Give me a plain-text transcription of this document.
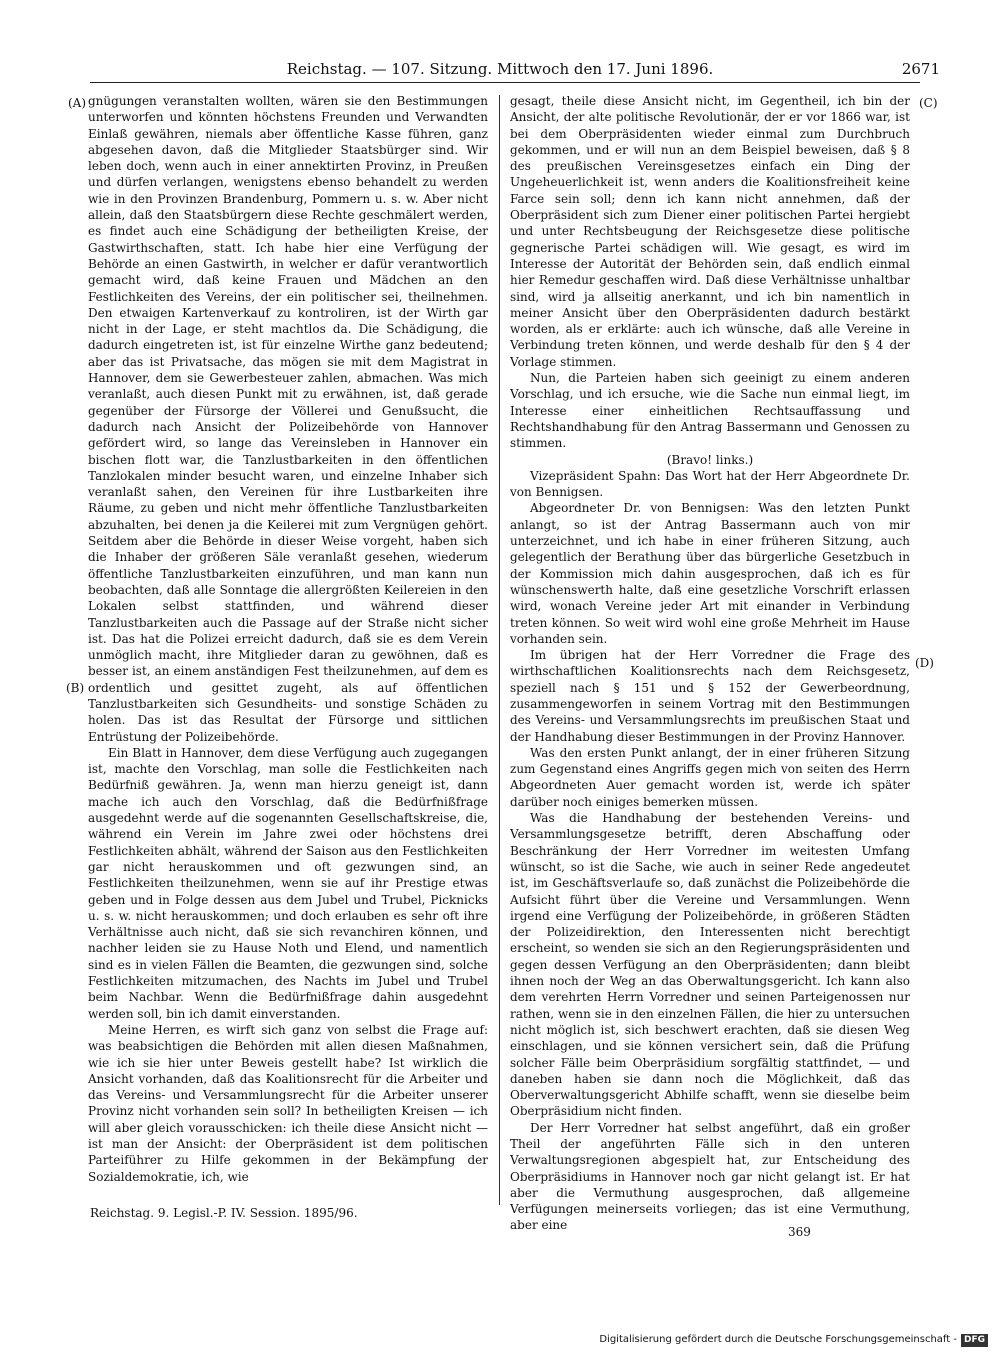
Reichstag. — 107. Sitzung. Mittwoch den 17. Juni 1896.	2671
(A)
(B)
(C)
(D)

gnügungen veranstalten wollten, wären sie den Bestimmungen unterworfen und könnten höchstens Freunden und Verwandten Einlaß gewähren, niemals aber öffentliche Kasse führen, ganz abgesehen davon, daß die Mitglieder Staatsbürger sind. Wir leben doch, wenn auch in einer annektirten Provinz, in Preußen und dürfen verlangen, wenigstens ebenso behandelt zu werden wie in den Provinzen Brandenburg, Pommern u. s. w. Aber nicht allein, daß den Staatsbürgern diese Rechte geschmälert werden, es findet auch eine Schädigung der betheiligten Kreise, der Gastwirthschaften, statt. Ich habe hier eine Verfügung der Behörde an einen Gastwirth, in welcher er dafür verantwortlich gemacht wird, daß keine Frauen und Mädchen an den Festlichkeiten des Vereins, der ein politischer sei, theilnehmen. Den etwaigen Kartenverkauf zu kontroliren, ist der Wirth gar nicht in der Lage, er steht machtlos da. Die Schädigung, die dadurch eingetreten ist, ist für einzelne Wirthe ganz bedeutend; aber das ist Privatsache, das mögen sie mit dem Magistrat in Hannover, dem sie Gewerbesteuer zahlen, abmachen. Was mich veranlaßt, auch diesen Punkt mit zu erwähnen, ist, daß gerade gegenüber der Fürsorge der Völlerei und Genußsucht, die dadurch nach Ansicht der Polizeibehörde von Hannover gefördert wird, so lange das Vereinsleben in Hannover ein bischen flott war, die Tanzlustbarkeiten in den öffentlichen Tanzlokalen minder besucht waren, und einzelne Inhaber sich veranlaßt sahen, den Vereinen für ihre Lustbarkeiten ihre Räume, zu geben und nicht mehr öffentliche Tanzlustbarkeiten abzuhalten, bei denen ja die Keilerei mit zum Vergnügen gehört. Seitdem aber die Behörde in dieser Weise vorgeht, haben sich die Inhaber der größeren Säle veranlaßt gesehen, wiederum öffentliche Tanzlustbarkeiten einzuführen, und man kann nun beobachten, daß alle Sonntage die allergrößten Keilereien in den Lokalen selbst stattfinden, und während dieser Tanzlustbarkeiten auch die Passage auf der Straße nicht sicher ist. Das hat die Polizei erreicht dadurch, daß sie es dem Verein unmöglich macht, ihre Mitglieder daran zu gewöhnen, daß es besser ist, an einem anständigen Fest theilzunehmen, auf dem es ordentlich und gesittet zugeht, als auf öffentlichen Tanzlustbarkeiten sich Gesundheits- und sonstige Schäden zu holen. Das ist das Resultat der Fürsorge und sittlichen Entrüstung der Polizeibehörde.

Ein Blatt in Hannover, dem diese Verfügung auch zugegangen ist, machte den Vorschlag, man solle die Festlichkeiten nach Bedürfniß gewähren. Ja, wenn man hierzu geneigt ist, dann mache ich auch den Vorschlag, daß die Bedürfnißfrage ausgedehnt werde auf die sogenannten Gesellschaftskreise, die, während ein Verein im Jahre zwei oder höchstens drei Festlichkeiten abhält, während der Saison aus den Festlichkeiten gar nicht herauskommen und oft gezwungen sind, an Festlichkeiten theilzunehmen, wenn sie auf ihr Prestige etwas geben und in Folge dessen aus dem Jubel und Trubel, Picknicks u. s. w. nicht herauskommen; und doch erlauben es sehr oft ihre Verhältnisse auch nicht, daß sie sich revanchiren können, und nachher leiden sie zu Hause Noth und Elend, und namentlich sind es in vielen Fällen die Beamten, die gezwungen sind, solche Festlichkeiten mitzumachen, des Nachts im Jubel und Trubel beim Nachbar. Wenn die Bedürfnißfrage dahin ausgedehnt werden soll, bin ich damit einverstanden.

Meine Herren, es wirft sich ganz von selbst die Frage auf: was beabsichtigen die Behörden mit allen diesen Maßnahmen, wie ich sie hier unter Beweis gestellt habe? Ist wirklich die Ansicht vorhanden, daß das Koalitionsrecht für die Arbeiter und das Vereins- und Versammlungsrecht für die Arbeiter unserer Provinz nicht vorhanden sein soll? In betheiligten Kreisen — ich will aber gleich vorausschicken: ich theile diese Ansicht nicht — ist man der Ansicht: der Oberpräsident ist dem politischen Parteiführer zu Hilfe gekommen in der Bekämpfung der Sozialdemokratie, ich, wie

gesagt, theile diese Ansicht nicht, im Gegentheil, ich bin der Ansicht, der alte politische Revolutionär, der er vor 1866 war, ist bei dem Oberpräsidenten wieder einmal zum Durchbruch gekommen, und er will nun an dem Beispiel beweisen, daß § 8 des preußischen Vereinsgesetzes einfach ein Ding der Ungeheuerlichkeit ist, wenn anders die Koalitionsfreiheit keine Farce sein soll; denn ich kann nicht annehmen, daß der Oberpräsident sich zum Diener einer politischen Partei hergiebt und unter Rechtsbeugung der Reichsgesetze diese politische gegnerische Partei schädigen will. Wie gesagt, es wird im Interesse der Autorität der Behörden sein, daß endlich einmal hier Remedur geschaffen wird. Daß diese Verhältnisse unhaltbar sind, wird ja allseitig anerkannt, und ich bin namentlich in meiner Ansicht über den Oberpräsidenten dadurch bestärkt worden, als er erklärte: auch ich wünsche, daß alle Vereine in Verbindung treten können, und werde deshalb für den § 4 der Vorlage stimmen.

Nun, die Parteien haben sich geeinigt zu einem anderen Vorschlag, und ich ersuche, wie die Sache nun einmal liegt, im Interesse einer einheitlichen Rechtsauffassung und Rechtshandhabung für den Antrag Bassermann und Genossen zu stimmen.

(Bravo! links.)

Vizepräsident Spahn: Das Wort hat der Herr Abgeordnete Dr. von Bennigsen.

Abgeordneter Dr. von Bennigsen: Was den letzten Punkt anlangt, so ist der Antrag Bassermann auch von mir unterzeichnet, und ich habe in einer früheren Sitzung, auch gelegentlich der Berathung über das bürgerliche Gesetzbuch in der Kommission mich dahin ausgesprochen, daß ich es für wünschenswerth halte, daß eine gesetzliche Vorschrift erlassen wird, wonach Vereine jeder Art mit einander in Verbindung treten können. So weit wird wohl eine große Mehrheit im Hause vorhanden sein.

Im übrigen hat der Herr Vorredner die Frage des wirthschaftlichen Koalitionsrechts nach dem Reichsgesetz, speziell nach § 151 und § 152 der Gewerbeordnung, zusammengeworfen in seinem Vortrag mit den Bestimmungen des Vereins- und Versammlungsrechts im preußischen Staat und der Handhabung dieser Bestimmungen in der Provinz Hannover.

Was den ersten Punkt anlangt, der in einer früheren Sitzung zum Gegenstand eines Angriffs gegen mich von seiten des Herrn Abgeordneten Auer gemacht worden ist, werde ich später darüber noch einiges bemerken müssen.

Was die Handhabung der bestehenden Vereins- und Versammlungsgesetze betrifft, deren Abschaffung oder Beschränkung der Herr Vorredner im weitesten Umfang wünscht, so ist die Sache, wie auch in seiner Rede angedeutet ist, im Geschäftsverlaufe so, daß zunächst die Polizeibehörde die Aufsicht führt über die Vereine und Versammlungen. Wenn irgend eine Verfügung der Polizeibehörde, in größeren Städten der Polizeidirektion, den Interessenten nicht berechtigt erscheint, so wenden sie sich an den Regierungspräsidenten und gegen dessen Verfügung an den Oberpräsidenten; dann bleibt ihnen noch der Weg an das Oberwaltungsgericht. Ich kann also dem verehrten Herrn Vorredner und seinen Parteigenossen nur rathen, wenn sie in den einzelnen Fällen, die hier zu untersuchen nicht möglich ist, sich beschwert erachten, daß sie diesen Weg einschlagen, und sie können versichert sein, daß die Prüfung solcher Fälle beim Oberpräsidium sorgfältig stattfindet, — und daneben haben sie dann noch die Möglichkeit, daß das Oberverwaltungsgericht Abhilfe schafft, wenn sie dieselbe beim Oberpräsidium nicht finden.

Der Herr Vorredner hat selbst angeführt, daß ein großer Theil der angeführten Fälle sich in den unteren Verwaltungsregionen abgespielt hat, zur Entscheidung des Oberpräsidiums in Hannover noch gar nicht gelangt ist. Er hat aber die Vermuthung ausgesprochen, daß allgemeine Verfügungen meinerseits vorliegen; das ist eine Vermuthung, aber eine

Reichstag. 9. Legisl.-P. IV. Session. 1895/96.
369
Digitalisierung gefördert durch die Deutsche Forschungsgemeinschaft - DFG
